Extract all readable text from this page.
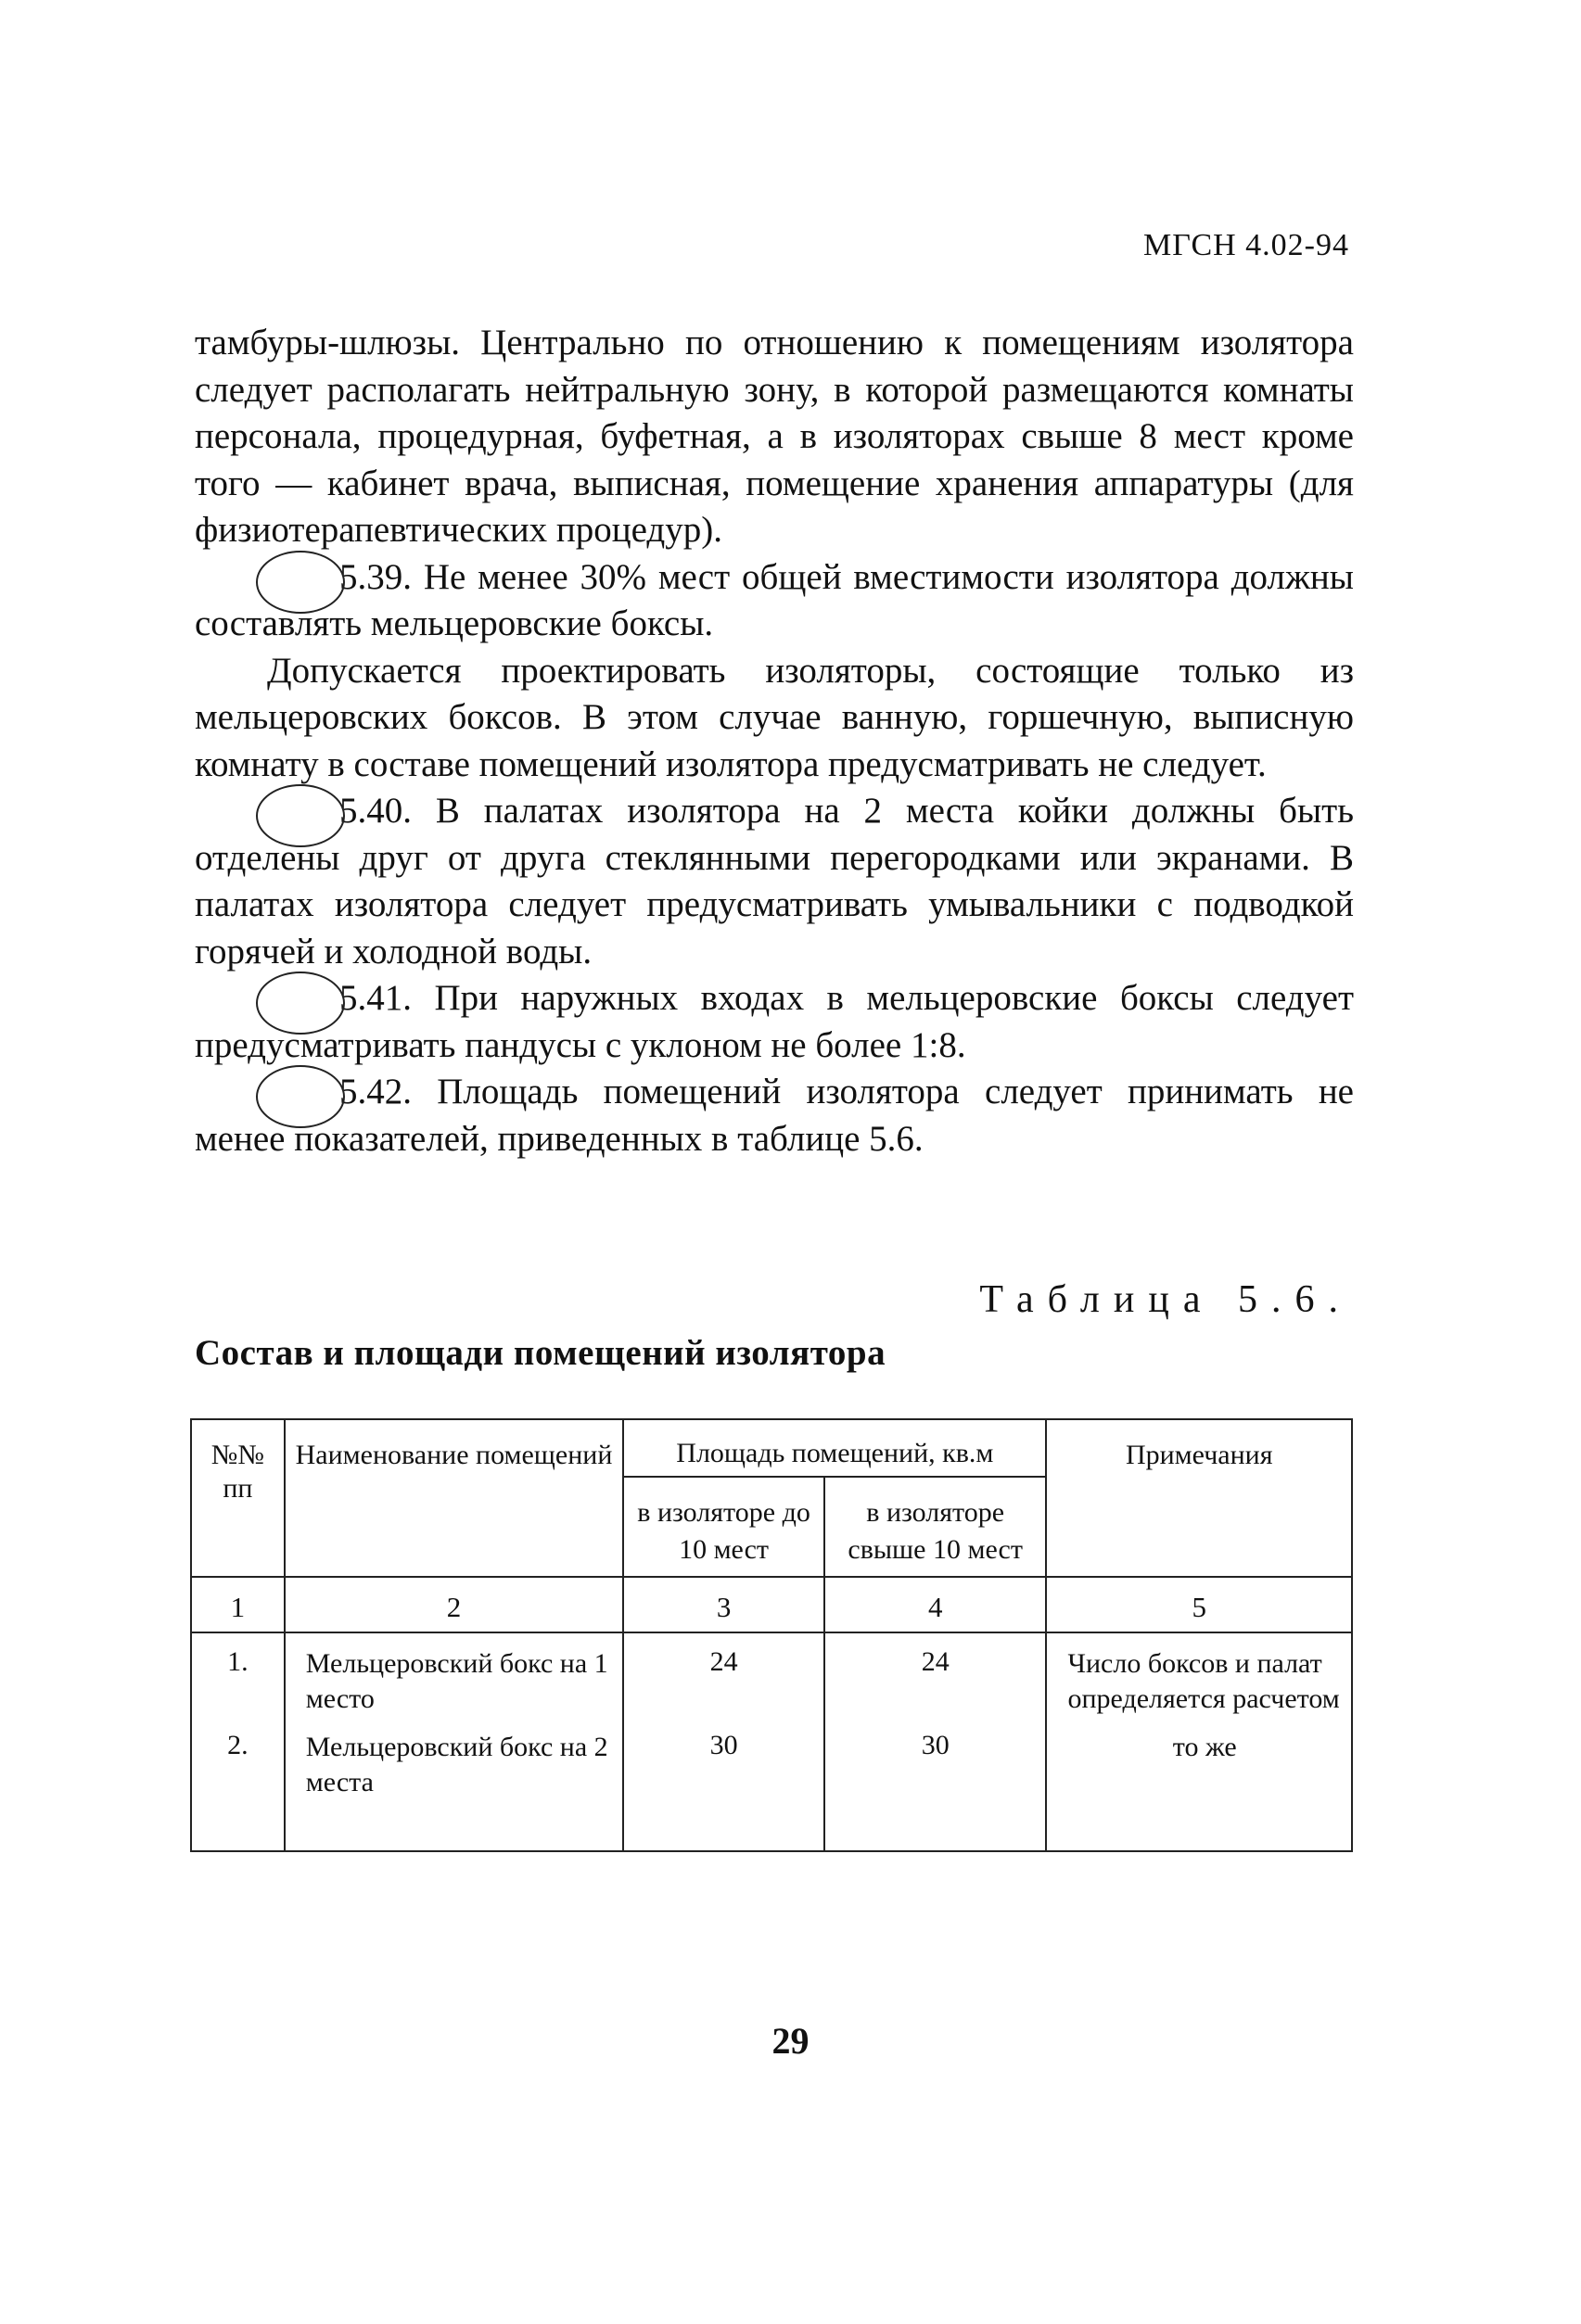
МГСН 4.02-94

тамбуры-шлюзы. Центрально по отношению к помещениям изолятора следует располагать нейтральную зону, в которой размещаются комнаты персонала, процедурная, буфетная, а в изоляторах свыше 8 мест кроме того — кабинет врача, выписная, помещение хранения аппаратуры (для физиотерапевтических процедур).

5.39. Не менее 30% мест общей вместимости изолятора должны составлять мельцеровские боксы.

Допускается проектировать изоляторы, состоящие только из мельцеровских боксов. В этом случае ванную, горшечную, выписную комнату в составе помещений изолятора предусматривать не следует.

5.40. В палатах изолятора на 2 места койки должны быть отделены друг от друга стеклянными перегородками или экранами. В палатах изолятора следует предусматривать умывальники с подводкой горячей и холодной воды.

5.41. При наружных входах в мельцеровские боксы следует предусматривать пандусы с уклоном не более 1:8.

5.42. Площадь помещений изолятора следует принимать не менее показателей, приведенных в таблице 5.6.

Таблица 5.6.
Состав и площади помещений изолятора
№№ пп	Наименование помещений	Площадь помещений, кв.м		Примечания
		в изоляторе до 10 мест	в изоляторе свыше 10 мест	
1	2	3	4	5
1.	Мельцеровский бокс на 1 место	24	24	Число боксов и палат определяется расчетом
2.	Мельцеровский бокс на 2 места	30	30	то же
29
